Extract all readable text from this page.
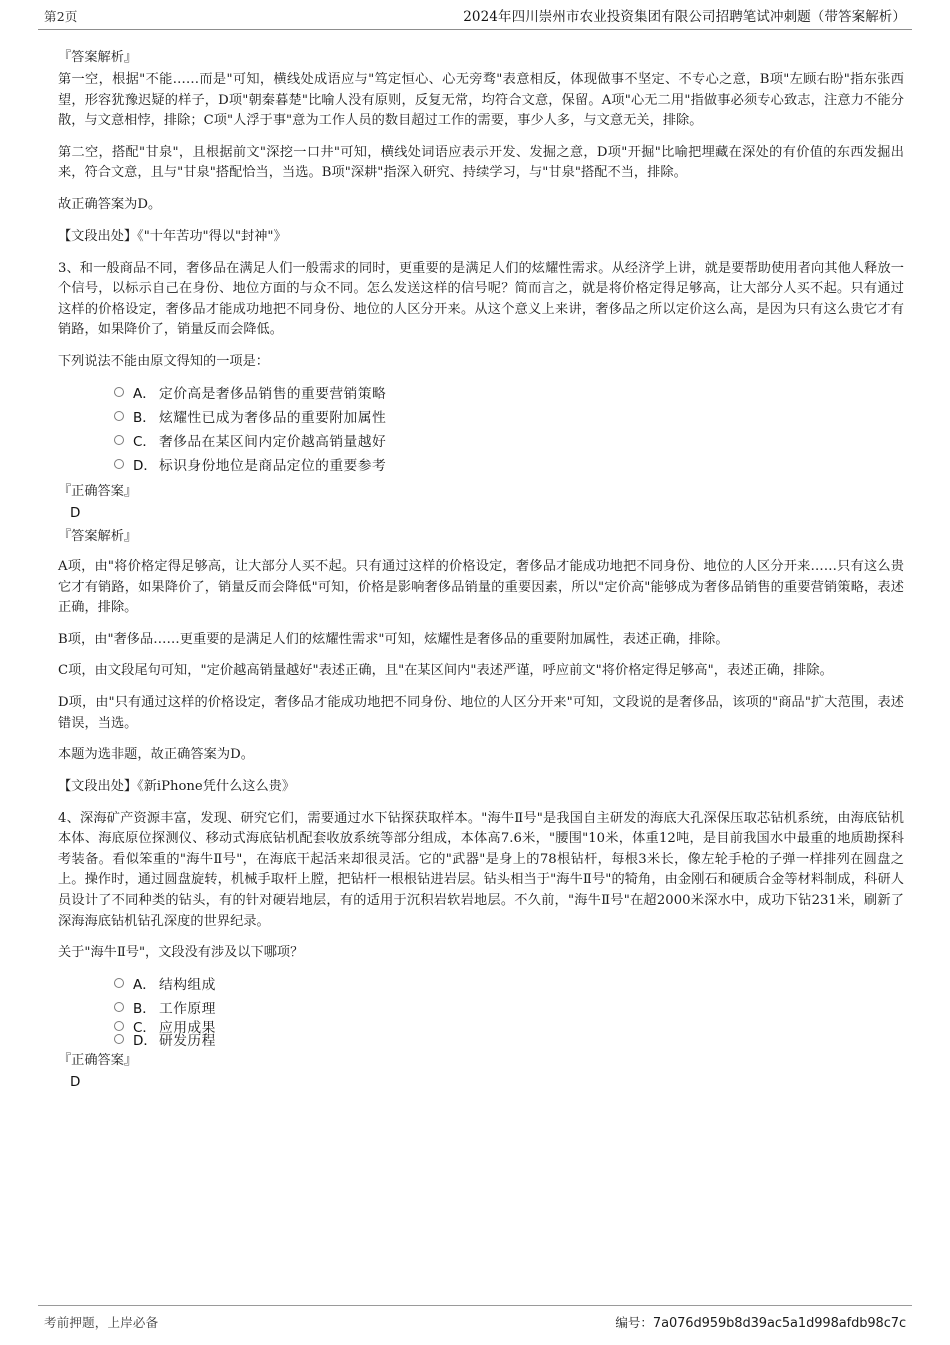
第2页	2024年四川崇州市农业投资集团有限公司招聘笔试冲刺题（带答案解析）
『答案解析』

第一空，根据"不能……而是"可知，横线处成语应与"笃定恒心、心无旁骛"表意相反，体现做事不坚定、不专心之意，B项"左顾右盼"指东张西望，形容犹豫迟疑的样子，D项"朝秦暮楚"比喻人没有原则，反复无常，均符合文意，保留。A项"心无二用"指做事必须专心致志，注意力不能分散，与文意相悖，排除；C项"人浮于事"意为工作人员的数目超过工作的需要，事少人多，与文意无关，排除。

第二空，搭配"甘泉"，且根据前文"深挖一口井"可知，横线处词语应表示开发、发掘之意，D项"开掘"比喻把埋藏在深处的有价值的东西发掘出来，符合文意，且与"甘泉"搭配恰当，当选。B项"深耕"指深入研究、持续学习，与"甘泉"搭配不当，排除。

故正确答案为D。

【文段出处】《"十年苦功"得以"封神"》

3、和一般商品不同，奢侈品在满足人们一般需求的同时，更重要的是满足人们的炫耀性需求。从经济学上讲，就是要帮助使用者向其他人释放一个信号，以标示自己在身份、地位方面的与众不同。怎么发送这样的信号呢？简而言之，就是将价格定得足够高，让大部分人买不起。只有通过这样的价格设定，奢侈品才能成功地把不同身份、地位的人区分开来。从这个意义上来讲，奢侈品之所以定价这么高，是因为只有这么贵它才有销路，如果降价了，销量反而会降低。

下列说法不能由原文得知的一项是：

A． 定价高是奢侈品销售的重要营销策略
B． 炫耀性已成为奢侈品的重要附加属性
C． 奢侈品在某区间内定价越高销量越好
D． 标识身份地位是商品定位的重要参考
『正确答案』
D
『答案解析』

A项，由"将价格定得足够高，让大部分人买不起。只有通过这样的价格设定，奢侈品才能成功地把不同身份、地位的人区分开来……只有这么贵它才有销路，如果降价了，销量反而会降低"可知，价格是影响奢侈品销量的重要因素，所以"定价高"能够成为奢侈品销售的重要营销策略，表述正确，排除。

B项，由"奢侈品……更重要的是满足人们的炫耀性需求"可知，炫耀性是奢侈品的重要附加属性，表述正确，排除。

C项，由文段尾句可知，"定价越高销量越好"表述正确，且"在某区间内"表述严谨，呼应前文"将价格定得足够高"，表述正确，排除。

D项，由"只有通过这样的价格设定，奢侈品才能成功地把不同身份、地位的人区分开来"可知，文段说的是奢侈品，该项的"商品"扩大范围，表述错误，当选。

本题为选非题，故正确答案为D。

【文段出处】《新iPhone凭什么这么贵》

4、深海矿产资源丰富，发现、研究它们，需要通过水下钻探获取样本。"海牛Ⅱ号"是我国自主研发的海底大孔深保压取芯钻机系统，由海底钻机本体、海底原位探测仪、移动式海底钻机配套收放系统等部分组成，本体高7.6米，"腰围"10米，体重12吨，是目前我国水中最重的地质勘探科考装备。看似笨重的"海牛Ⅱ号"，在海底干起活来却很灵活。它的"武器"是身上的78根钻杆，每根3米长，像左轮手枪的子弹一样排列在圆盘之上。操作时，通过圆盘旋转，机械手取杆上膛，把钻杆一根根钻进岩层。钻头相当于"海牛Ⅱ号"的犄角，由金刚石和硬质合金等材料制成，科研人员设计了不同种类的钻头，有的针对硬岩地层，有的适用于沉积岩软岩地层。不久前，"海牛Ⅱ号"在超2000米深水中，成功下钻231米，刷新了深海海底钻机钻孔深度的世界纪录。

关于"海牛Ⅱ号"，文段没有涉及以下哪项？

A． 结构组成
B． 工作原理
C． 应用成果
D． 研发历程
『正确答案』
D
考前押题，上岸必备	编号：7a076d959b8d39ac5a1d998afdb98c7c
